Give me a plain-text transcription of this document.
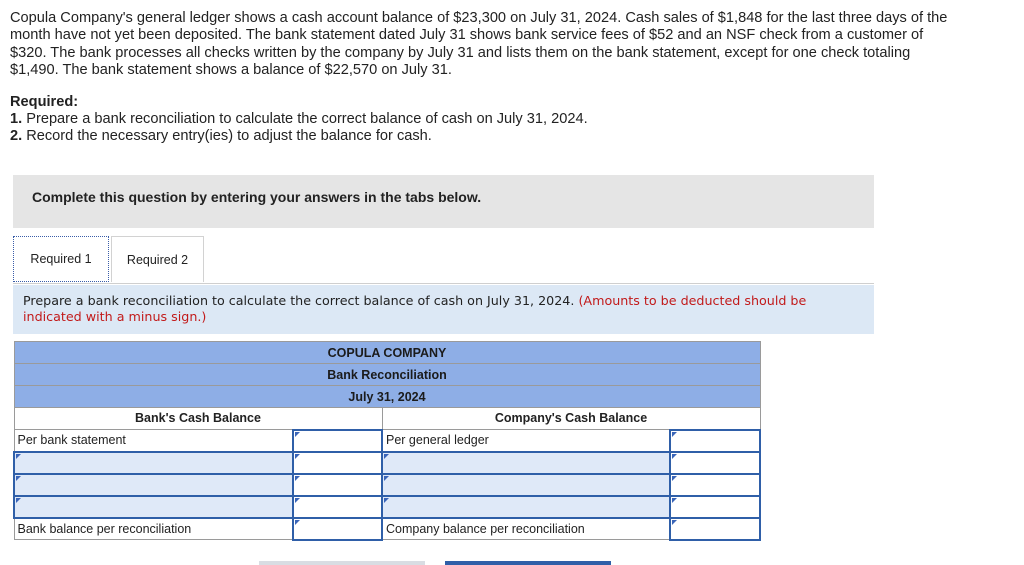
Copula Company's general ledger shows a cash account balance of $23,300 on July 31, 2024. Cash sales of $1,848 for the last three days of the month have not yet been deposited. The bank statement dated July 31 shows bank service fees of $52 and an NSF check from a customer of $320. The bank processes all checks written by the company by July 31 and lists them on the bank statement, except for one check totaling $1,490. The bank statement shows a balance of $22,570 on July 31.

Required:

1. Prepare a bank reconciliation to calculate the correct balance of cash on July 31, 2024.

2. Record the necessary entry(ies) to adjust the balance for cash.

Complete this question by entering your answers in the tabs below.
Required 1	Required 2
Prepare a bank reconciliation to calculate the correct balance of cash on July 31, 2024. (Amounts to be deducted should be indicated with a minus sign.)
COPULA COMPANY			
Bank Reconciliation			
July 31, 2024			
Bank's Cash Balance		Company's Cash Balance	
Per bank statement		Per general ledger	

Bank balance per reconciliation		Company balance per reconciliation	
